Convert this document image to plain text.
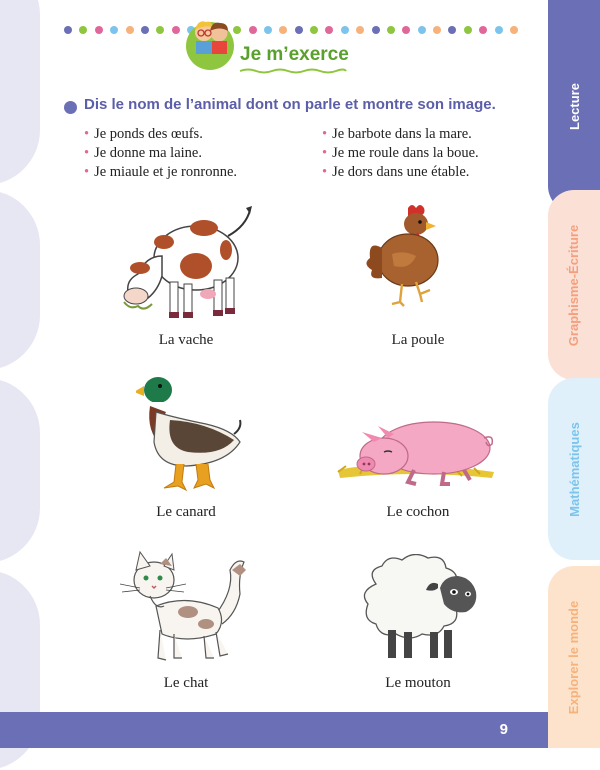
Je m’exerce
Dis le nom de l’animal dont on parle et montre son image.
• Je ponds des œufs.
• Je donne ma laine.
• Je miaule et je ronronne.
• Je barbote dans la mare.
• Je me roule dans la boue.
• Je dors dans une étable.
La vache	La poule
Le canard	Le cochon
Le chat	Le mouton
Lecture
Graphisme-Écriture
Mathématiques
Explorer le monde
9
